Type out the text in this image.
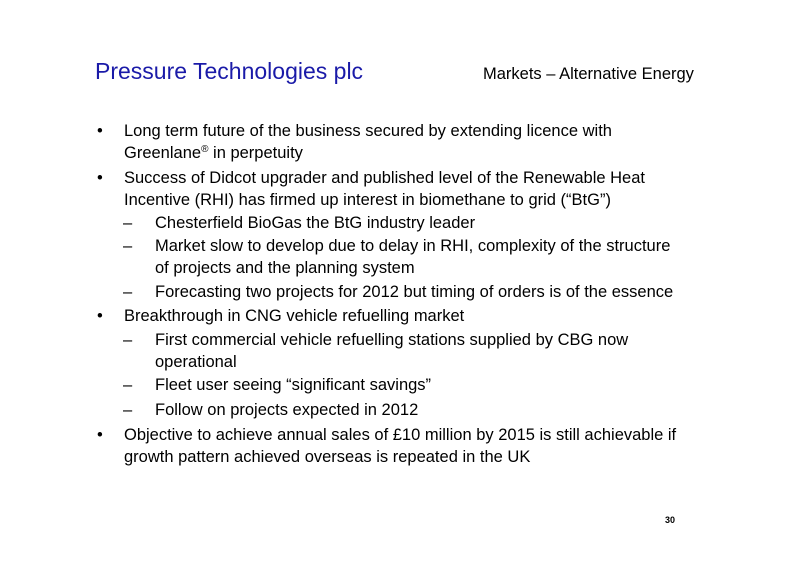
Pressure Technologies plc	Markets – Alternative Energy
• Long term future of the business secured by extending licence with
Greenlane® in perpetuity
• Success of Didcot upgrader and published level of the Renewable Heat
Incentive (RHI) has firmed up interest in biomethane to grid (“BtG”)
– Chesterfield BioGas the BtG industry leader
– Market slow to develop due to delay in RHI, complexity of the structure
of projects and the planning system
– Forecasting two projects for 2012 but timing of orders is of the essence
• Breakthrough in CNG vehicle refuelling market
– First commercial vehicle refuelling stations supplied by CBG now
operational
– Fleet user seeing “significant savings”
– Follow on projects expected in 2012
• Objective to achieve annual sales of £10 million by 2015 is still achievable if
growth pattern achieved overseas is repeated in the UK
30
